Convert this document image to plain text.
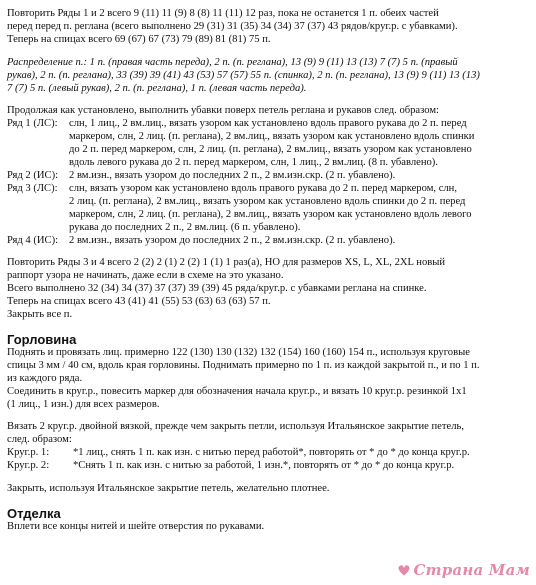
Повторить Ряды 1 и 2 всего 9 (11) 11 (9) 8 (8) 11 (11) 12 раз, пока не останется 1 п. обеих частей

перед перед п. реглана (всего выполнено 29 (31) 31 (35) 34 (34) 37 (37) 43 рядов/круг.р. с убавками).

Теперь на спицах всего 69 (67) 67 (73) 79 (89) 81 (81) 75 п.

Распределение п.: 1 п. (правая часть переда), 2 п. (п. реглана), 13 (9) 9 (11) 13 (13) 7 (7) 5 п. (правый

рукав), 2 п. (п. реглана), 33 (39) 39 (41) 43 (53) 57 (57) 55 п. (спинка), 2 п. (п. реглана), 13 (9) 9 (11) 13 (13)

7 (7) 5 п. (левый рукав), 2 п. (п. реглана), 1 п. (левая часть переда).

Продолжая как установлено, выполнить убавки поверх петель реглана и рукавов след. образом:

Ряд 1 (ЛС):	слн, 1 лиц., 2 вм.лиц., вязать узором как установлено вдоль правого рукава до 2 п. перед

маркером, слн, 2 лиц. (п. реглана), 2 вм.лиц., вязать узором как установлено вдоль спинки

до 2 п. перед маркером, слн, 2 лиц. (п. реглана), 2 вм.лиц., вязать узором как установлено

вдоль левого рукава до 2 п. перед маркером, слн, 1 лиц., 2 вм.лиц. (8 п. убавлено).

Ряд 2 (ИС):	2 вм.изн., вязать узором до последних 2 п., 2 вм.изн.скр. (2 п. убавлено).

Ряд 3 (ЛС):	слн, вязать узором как установлено вдоль правого рукава до 2 п. перед маркером, слн,

2 лиц. (п. реглана), 2 вм.лиц., вязать узором как установлено вдоль спинки до 2 п. перед

маркером, слн, 2 лиц. (п. реглана), 2 вм.лиц., вязать узором как установлено вдоль левого

рукава до последних 2 п., 2 вм.лиц. (6 п. убавлено).

Ряд 4 (ИС):	2 вм.изн., вязать узором до последних 2 п., 2 вм.изн.скр. (2 п. убавлено).

Повторить Ряды 3 и 4 всего 2 (2) 2 (1) 2 (2) 1 (1) 1 раз(а), НО для размеров XS, L, XL, 2XL новый

раппорт узора не начинать, даже если в схеме на это указано.

Всего выполнено 32 (34) 34 (37) 37 (37) 39 (39) 45 ряда/круг.р. с убавками реглана на спинке.

Теперь на спицах всего 43 (41) 41 (55) 53 (63) 63 (63) 57 п.

Закрыть все п.

Горловина

Поднять и провязать лиц. примерно 122 (130) 130 (132) 132 (154) 160 (160) 154 п., используя круговые

спицы 3 мм / 40 см, вдоль края горловины. Поднимать примерно по 1 п. из каждой закрытой п., и по 1 п.

из каждого ряда.

Соединить в круг.р., повесить маркер для обозначения начала круг.р., и вязать 10 круг.р. резинкой 1x1

(1 лиц., 1 изн.) для всех размеров.

Вязать 2 круг.р. двойной вязкой, прежде чем закрыть петли, используя Итальянское закрытие петель,

след. образом:

Круг.р. 1:	*1 лиц., снять 1 п. как изн. с нитью перед работой*, повторять от * до * до конца круг.р.
Круг.р. 2:	*Снять 1 п. как изн. с нитью за работой, 1 изн.*, повторять от * до * до конца круг.р.

Закрыть, используя Итальянское закрытие петель, желательно плотнее.

Отделка

Вплети все концы нитей и шейте отверстия по рукавами.

Страна Мам
